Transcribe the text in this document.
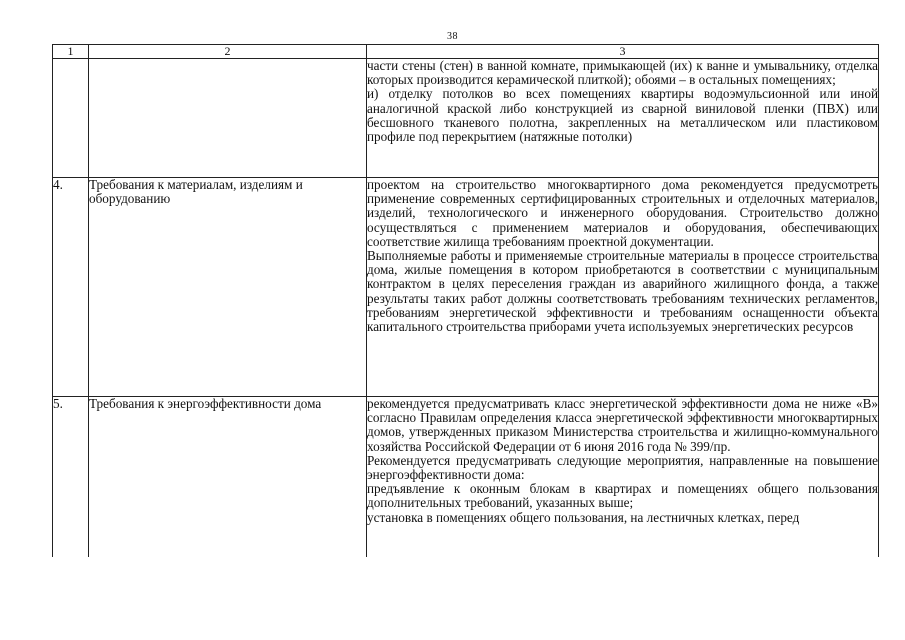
38
1	2	3

		части стены (стен) в ванной комнате, примыкающей (их) к ванне и умывальнику, отделка которых производится керамической плиткой); обоями – в остальных помещениях;

и) отделку потолков во всех помещениях квартиры водоэмульсионной или иной аналогичной краской либо конструкцией из сварной виниловой пленки (ПВХ) или бесшовного тканевого полотна, закрепленных на металлическом или пластиковом профиле под перекрытием (натяжные потолки)

4.	Требования к материалам, изделиям и оборудованию	проектом на строительство многоквартирного дома рекомендуется предусмотреть применение современных сертифицированных строительных и отделочных материалов, изделий, технологического и инженерного оборудования. Строительство должно осуществляться с применением материалов и оборудования, обеспечивающих соответствие жилища требованиям проектной документации.

Выполняемые работы и применяемые строительные материалы в процессе строительства дома, жилые помещения в котором приобретаются в соответствии с муниципальным контрактом в целях переселения граждан из аварийного жилищного фонда, а также результаты таких работ должны соответствовать требованиям технических регламентов, требованиям энергетической эффективности и требованиям оснащенности объекта капитального строительства приборами учета используемых энергетических ресурсов

5.	Требования к энергоэффективности дома	рекомендуется предусматривать класс энергетической эффективности дома не ниже «В» согласно Правилам определения класса энергетической эффективности многоквартирных домов, утвержденных приказом Министерства строительства и жилищно-коммунального хозяйства Российской Федерации от 6 июня 2016 года № 399/пр.

Рекомендуется предусматривать следующие мероприятия, направленные на повышение энергоэффективности дома:

предъявление к оконным блокам в квартирах и помещениях общего пользования дополнительных требований, указанных выше;

установка в помещениях общего пользования, на лестничных клетках, перед
